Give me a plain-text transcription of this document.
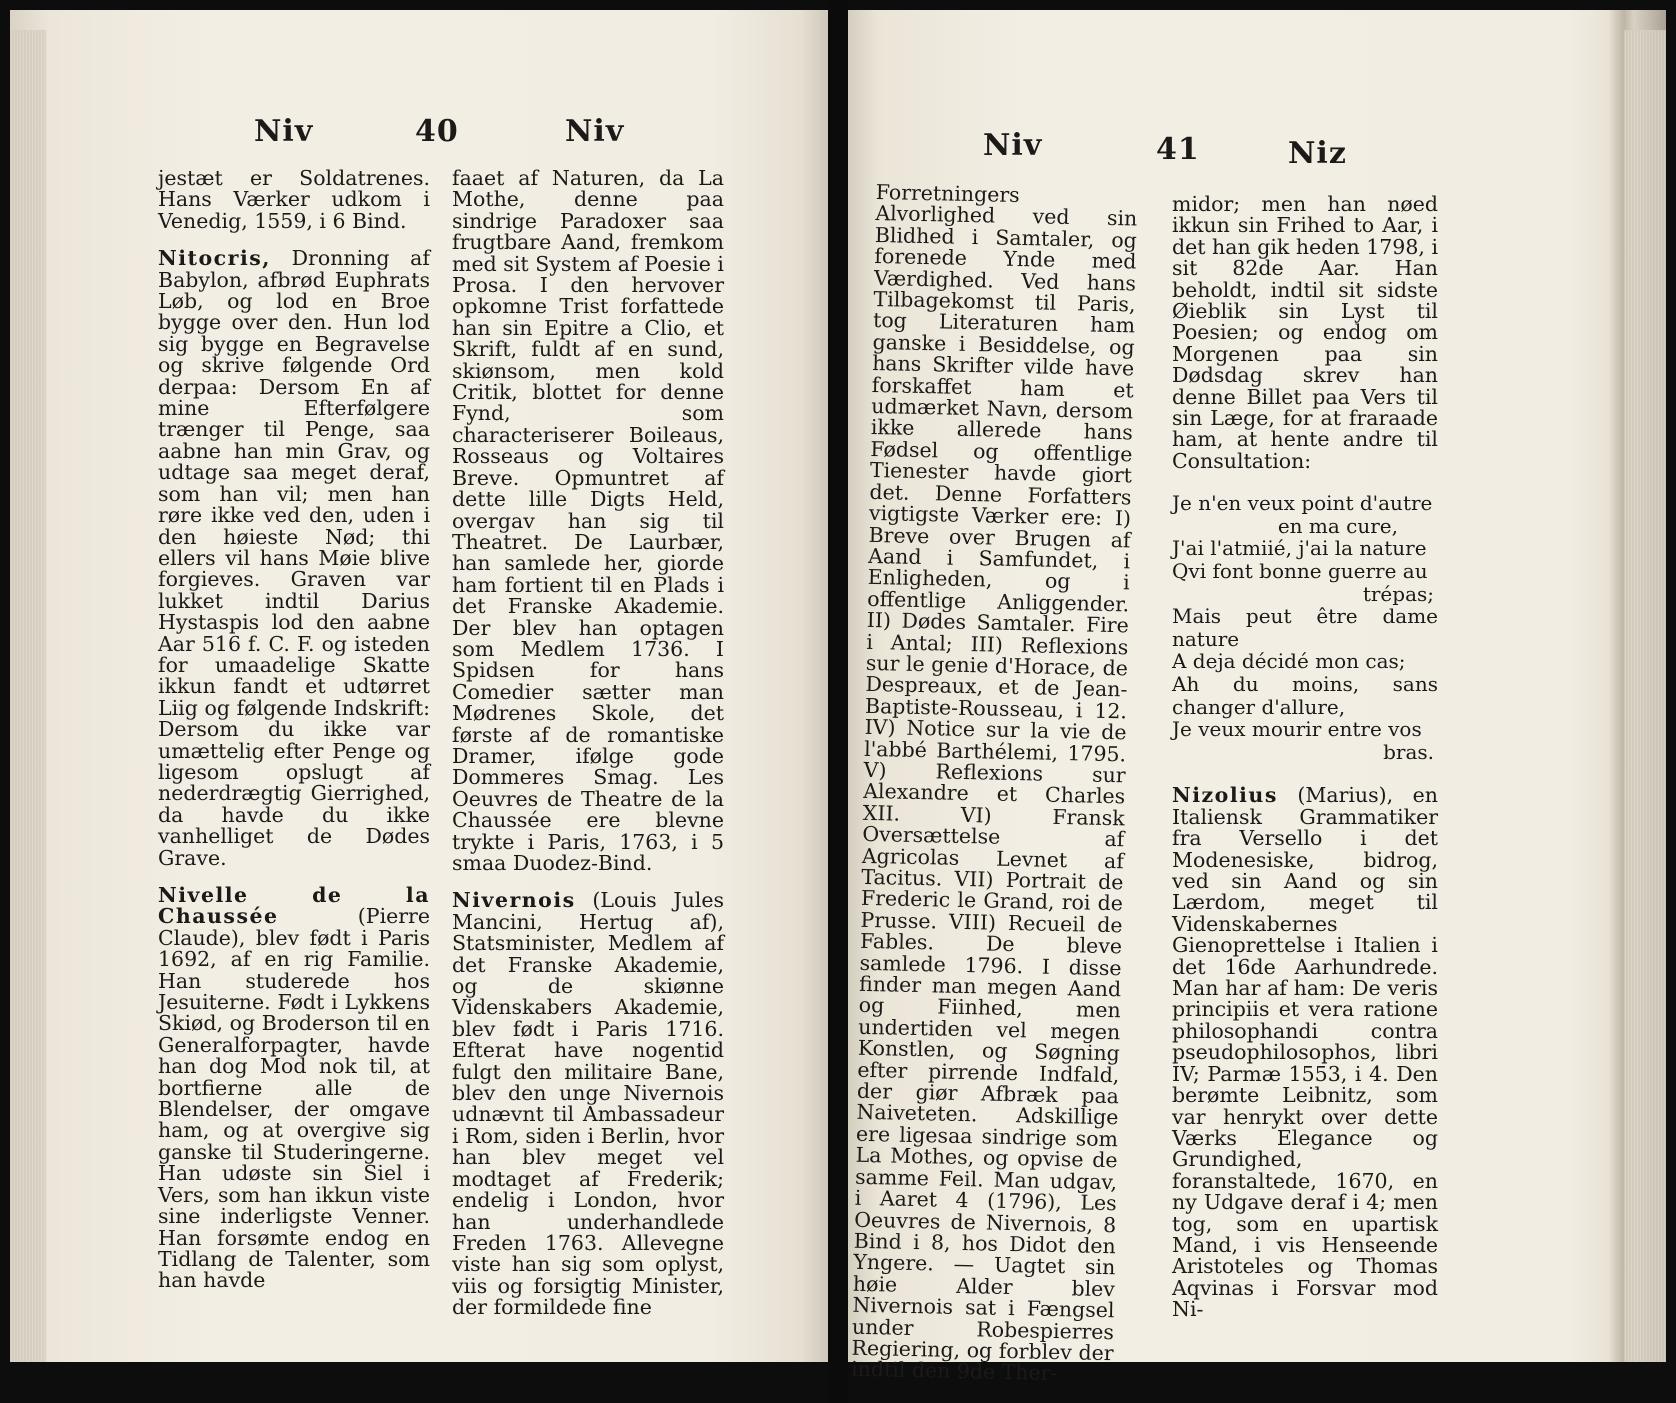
Niv	40	Niv

jestæt er Soldatrenes. Hans Værker udkom i Venedig, 1559, i 6 Bind.

Nitocris, Dronning af Babylon, afbrød Euphrats Løb, og lod en Broe bygge over den. Hun lod sig bygge en Begravelse og skrive følgende Ord derpaa: Dersom En af mine Efterfølgere trænger til Penge, saa aabne han min Grav, og udtage saa meget deraf, som han vil; men han røre ikke ved den, uden i den høieste Nød; thi ellers vil hans Møie blive forgieves. Graven var lukket indtil Darius Hystaspis lod den aabne Aar 516 f. C. F. og isteden for umaadelige Skatte ikkun fandt et udtørret Liig og følgende Indskrift: Dersom du ikke var umættelig efter Penge og ligesom opslugt af nederdrægtig Gierrighed, da havde du ikke vanhelliget de Dødes Grave.

Nivelle de la Chaussée (Pierre Claude), blev født i Paris 1692, af en rig Familie. Han studerede hos Jesuiterne. Født i Lykkens Skiød, og Broderson til en Generalforpagter, havde han dog Mod nok til, at bortfierne alle de Blendelser, der omgave ham, og at overgive sig ganske til Studeringerne. Han udøste sin Siel i Vers, som han ikkun viste sine inderligste Venner. Han forsømte endog en Tidlang de Talenter, som han havde

faaet af Naturen, da La Mothe, denne paa sindrige Paradoxer saa frugtbare Aand, fremkom med sit System af Poesie i Prosa. I den hervover opkomne Trist forfattede han sin Epitre a Clio, et Skrift, fuldt af en sund, skiønsom, men kold Critik, blottet for denne Fynd, som characteriserer Boileaus, Rosseaus og Voltaires Breve. Opmuntret af dette lille Digts Held, overgav han sig til Theatret. De Laurbær, han samlede her, giorde ham fortient til en Plads i det Franske Akademie. Der blev han optagen som Medlem 1736. I Spidsen for hans Comedier sætter man Mødrenes Skole, det første af de romantiske Dramer, ifølge gode Dommeres Smag. Les Oeuvres de Theatre de la Chaussée ere blevne trykte i Paris, 1763, i 5 smaa Duodez-Bind.

Nivernois (Louis Jules Mancini, Hertug af), Statsminister, Medlem af det Franske Akademie, og de skiønne Videnskabers Akademie, blev født i Paris 1716. Efterat have nogentid fulgt den militaire Bane, blev den unge Nivernois udnævnt til Ambassadeur i Rom, siden i Berlin, hvor han blev meget vel modtaget af Frederik; endelig i London, hvor han underhandlede Freden 1763. Allevegne viste han sig som oplyst, viis og forsigtig Minister, der formildede fine

Niv	41	Niz

Forretningers Alvorlighed ved sin Blidhed i Samtaler, og forenede Ynde med Værdighed. Ved hans Tilbagekomst til Paris, tog Literaturen ham ganske i Besiddelse, og hans Skrifter vilde have forskaffet ham et udmærket Navn, dersom ikke allerede hans Fødsel og offentlige Tienester havde giort det. Denne Forfatters vigtigste Værker ere: I) Breve over Brugen af Aand i Samfundet, i Enligheden, og i offentlige Anliggender. II) Dødes Samtaler. Fire i Antal; III) Reflexions sur le genie d'Horace, de Despreaux, et de Jean-Baptiste-Rousseau, i 12. IV) Notice sur la vie de l'abbé Barthélemi, 1795. V) Reflexions sur Alexandre et Charles XII. VI) Fransk Oversættelse af Agricolas Levnet af Tacitus. VII) Portrait de Frederic le Grand, roi de Prusse. VIII) Recueil de Fables. De bleve samlede 1796. I disse finder man megen Aand og Fiinhed, men undertiden vel megen Konstlen, og Søgning efter pirrende Indfald, der giør Afbræk paa Naiveteten. Adskillige ere ligesaa sindrige som La Mothes, og opvise de samme Feil. Man udgav, i Aaret 4 (1796), Les Oeuvres de Nivernois, 8 Bind i 8, hos Didot den Yngere. — Uagtet sin høie Alder blev Nivernois sat i Fængsel under Robespierres Regiering, og forblev der indtil den 9de Ther-

midor; men han nøed ikkun sin Frihed to Aar, i det han gik heden 1798, i sit 82de Aar. Han beholdt, indtil sit sidste Øieblik sin Lyst til Poesien; og endog om Morgenen paa sin Dødsdag skrev han denne Billet paa Vers til sin Læge, for at fraraade ham, at hente andre til Consultation:

Je n'en veux point d'autre
en ma cure,
J'ai l'atmiié, j'ai la nature
Qvi font bonne guerre au
trépas;
Mais peut être dame nature
A deja décidé mon cas;
Ah du moins, sans changer d'allure,
Je veux mourir entre vos
bras.

Nizolius (Marius), en Italiensk Grammatiker fra Versello i det Modenesiske, bidrog, ved sin Aand og sin Lærdom, meget til Videnskabernes Gienoprettelse i Italien i det 16de Aarhundrede. Man har af ham: De veris principiis et vera ratione philosophandi contra pseudophilosophos, libri IV; Parmæ 1553, i 4. Den berømte Leibnitz, som var henrykt over dette Værks Elegance og Grundighed, foranstaltede, 1670, en ny Udgave deraf i 4; men tog, som en upartisk Mand, i vis Henseende Aristoteles og Thomas Aqvinas i Forsvar mod Ni-
